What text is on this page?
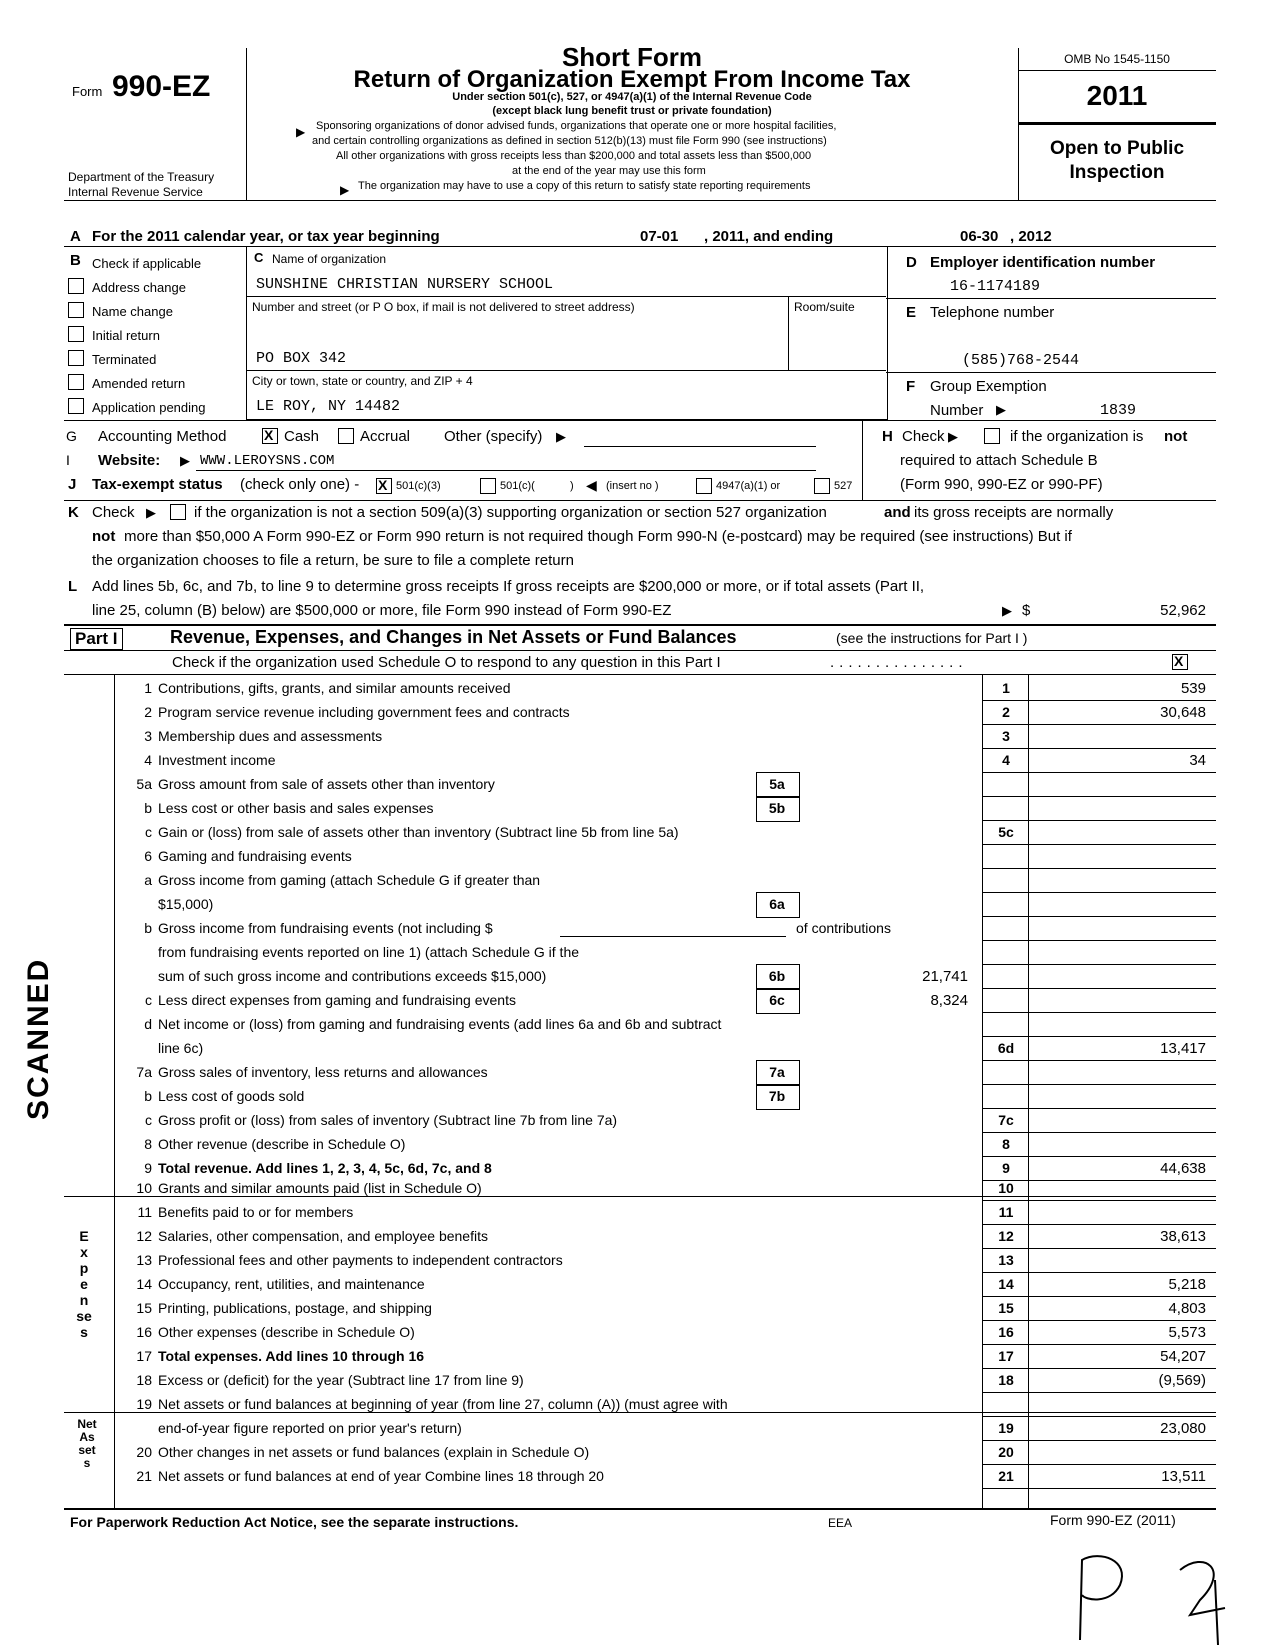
Form 990-EZ
Department of the Treasury
Internal Revenue Service
Short Form
Return of Organization Exempt From Income Tax
Under section 501(c), 527, or 4947(a)(1) of the Internal Revenue Code
(except black lung benefit trust or private foundation)
▶ Sponsoring organizations of donor advised funds, organizations that operate one or more hospital facilities,
and certain controlling organizations as defined in section 512(b)(13) must file Form 990 (see instructions)
All other organizations with gross receipts less than $200,000 and total assets less than $500,000
at the end of the year may use this form
▶ The organization may have to use a copy of this return to satisfy state reporting requirements
OMB No 1545-1150
2011
Open to Public
Inspection
A For the 2011 calendar year, or tax year beginning	07-01 , 2011, and ending	06-30 , 2012
B Check if applicable
Address change
Name change
Initial return
Terminated
Amended return
Application pending
C Name of organization
SUNSHINE CHRISTIAN NURSERY SCHOOL
Number and street (or P O box, if mail is not delivered to street address)	Room/suite
PO BOX 342
City or town, state or country, and ZIP + 4
LE ROY, NY 14482
D Employer identification number
16-1174189
E Telephone number
(585)768-2544
F Group Exemption
Number ▶	1839
G Accounting Method X	Cash	Accrual Other (specify) ▶	H Check ▶	if the organization is not
required to attach Schedule B
(Form 990, 990-EZ or 990-PF)
I Website: ▶ WWW.LEROYSNS.COM
J Tax-exempt status (check only one) - X	501(c)(3)	501(c)(	) ◀ (insert no )	4947(a)(1) or	527
K Check ▶	if the organization is not a section 509(a)(3) supporting organization or section 527 organization	and its gross receipts are normally
not more than $50,000 A Form 990-EZ or Form 990 return is not required though Form 990-N (e-postcard) may be required (see instructions) But if
the organization chooses to file a return, be sure to file a complete return
L Add lines 5b, 6c, and 7b, to line 9 to determine gross receipts If gross receipts are $200,000 or more, or if total assets (Part II,
line 25, column (B) below) are $500,000 or more, file Form 990 instead of Form 990-EZ	▶ $	52,962
Part I	Revenue, Expenses, and Changes in Net Assets or Fund Balances	(see the instructions for Part I )
Check if the organization used Schedule O to respond to any question in this Part I	...............
X
SCANNED
Expenses
Net Assets
1 Contributions, gifts, grants, and similar amounts received	1	539
2 Program service revenue including government fees and contracts	2	30,648
3 Membership dues and assessments	3
4 Investment income	4	34
5a Gross amount from sale of assets other than inventory	5a
b Less cost or other basis and sales expenses	5b
c Gain or (loss) from sale of assets other than inventory (Subtract line 5b from line 5a)	5c
6 Gaming and fundraising events
a Gross income from gaming (attach Schedule G if greater than
$15,000)	6a
b Gross income from fundraising events (not including $	of contributions
from fundraising events reported on line 1) (attach Schedule G if the
sum of such gross income and contributions exceeds $15,000)	6b	21,741
c Less direct expenses from gaming and fundraising events	6c	8,324
d Net income or (loss) from gaming and fundraising events (add lines 6a and 6b and subtract
line 6c)	6d	13,417
7a Gross sales of inventory, less returns and allowances	7a
b Less cost of goods sold	7b
c Gross profit or (loss) from sales of inventory (Subtract line 7b from line 7a)	7c
8 Other revenue (describe in Schedule O)	8
9 Total revenue. Add lines 1, 2, 3, 4, 5c, 6d, 7c, and 8	9	44,638
10 Grants and similar amounts paid (list in Schedule O)	10
11 Benefits paid to or for members	11
12 Salaries, other compensation, and employee benefits	12	38,613
13 Professional fees and other payments to independent contractors	13
14 Occupancy, rent, utilities, and maintenance	14	5,218
15 Printing, publications, postage, and shipping	15	4,803
16 Other expenses (describe in Schedule O)	16	5,573
17 Total expenses. Add lines 10 through 16	17	54,207
18 Excess or (deficit) for the year (Subtract line 17 from line 9)	18	(9,569)
19 Net assets or fund balances at beginning of year (from line 27, column (A)) (must agree with
end-of-year figure reported on prior year's return)	19	23,080
20 Other changes in net assets or fund balances (explain in Schedule O)	20
21 Net assets or fund balances at end of year Combine lines 18 through 20	21	13,511
For Paperwork Reduction Act Notice, see the separate instructions.	EEA	Form 990-EZ (2011)
